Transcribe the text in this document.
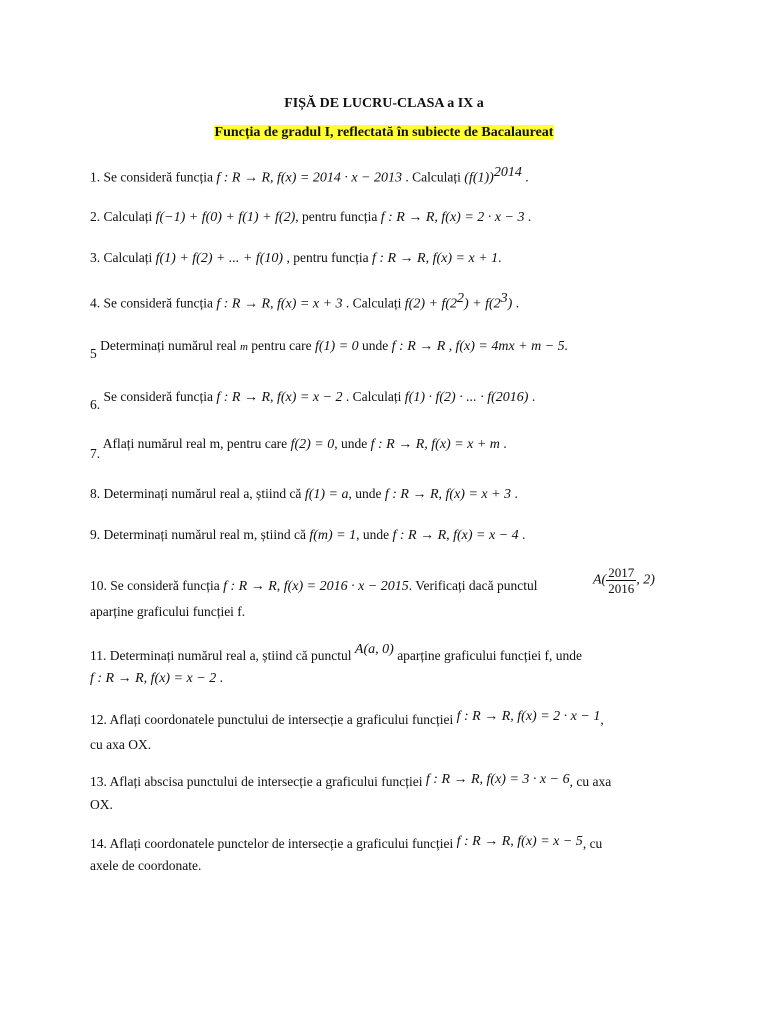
FIȘĂ DE LUCRU-CLASA a IX a
Funcția de gradul I, reflectată în subiecte de Bacalaureat
1. Se consideră funcția f : R → R, f(x) = 2014 · x − 2013 . Calculați $(f(1))^{2014}$ .
2. Calculați f(−1) + f(0) + f(1) + f(2), pentru funcția f : R → R, f(x) = 2 · x − 3 .
3. Calculați f(1) + f(2) + ... + f(10) , pentru funcția f : R → R, f(x) = x + 1.
4. Se consideră funcția f : R → R, f(x) = x + 3 . Calculați $f(2) + f(2^2) + f(2^3)$ .
5 Determinați numărul real m pentru care f(1) = 0 unde f : R → R , f(x) = 4mx + m − 5.
6. Se consideră funcția f : R → R, f(x) = x − 2 . Calculați f(1) · f(2) · ... · f(2016) .
7. Aflați numărul real m, pentru care f(2) = 0, unde f : R → R, f(x) = x + m .
8. Determinați numărul real a, știind că f(1) = a, unde f : R → R, f(x) = x + 3 .
9. Determinați numărul real m, știind că f(m) = 1, unde f : R → R, f(x) = x − 4 .
10. Se consideră funcția f : R → R, f(x) = 2016 · x − 2015. Verificați dacă punctul	$A( \frac{2017}{2016}$ , 2)
aparține graficului funcției f.
11. Determinați numărul real a, știind că punctul A(a, 0) aparține graficului funcției f, unde
f : R → R, f(x) = x − 2 .
12. Aflați coordonatele punctului de intersecție a graficului funcției f : R → R, f(x) = 2 · x − 1,
cu axa OX.
13. Aflați abscisa punctului de intersecție a graficului funcției f : R → R, f(x) = 3 · x − 6, cu axa
OX.
14. Aflați coordonatele punctelor de intersecție a graficului funcției f : R → R, f(x) = x − 5, cu
axele de coordonate.
